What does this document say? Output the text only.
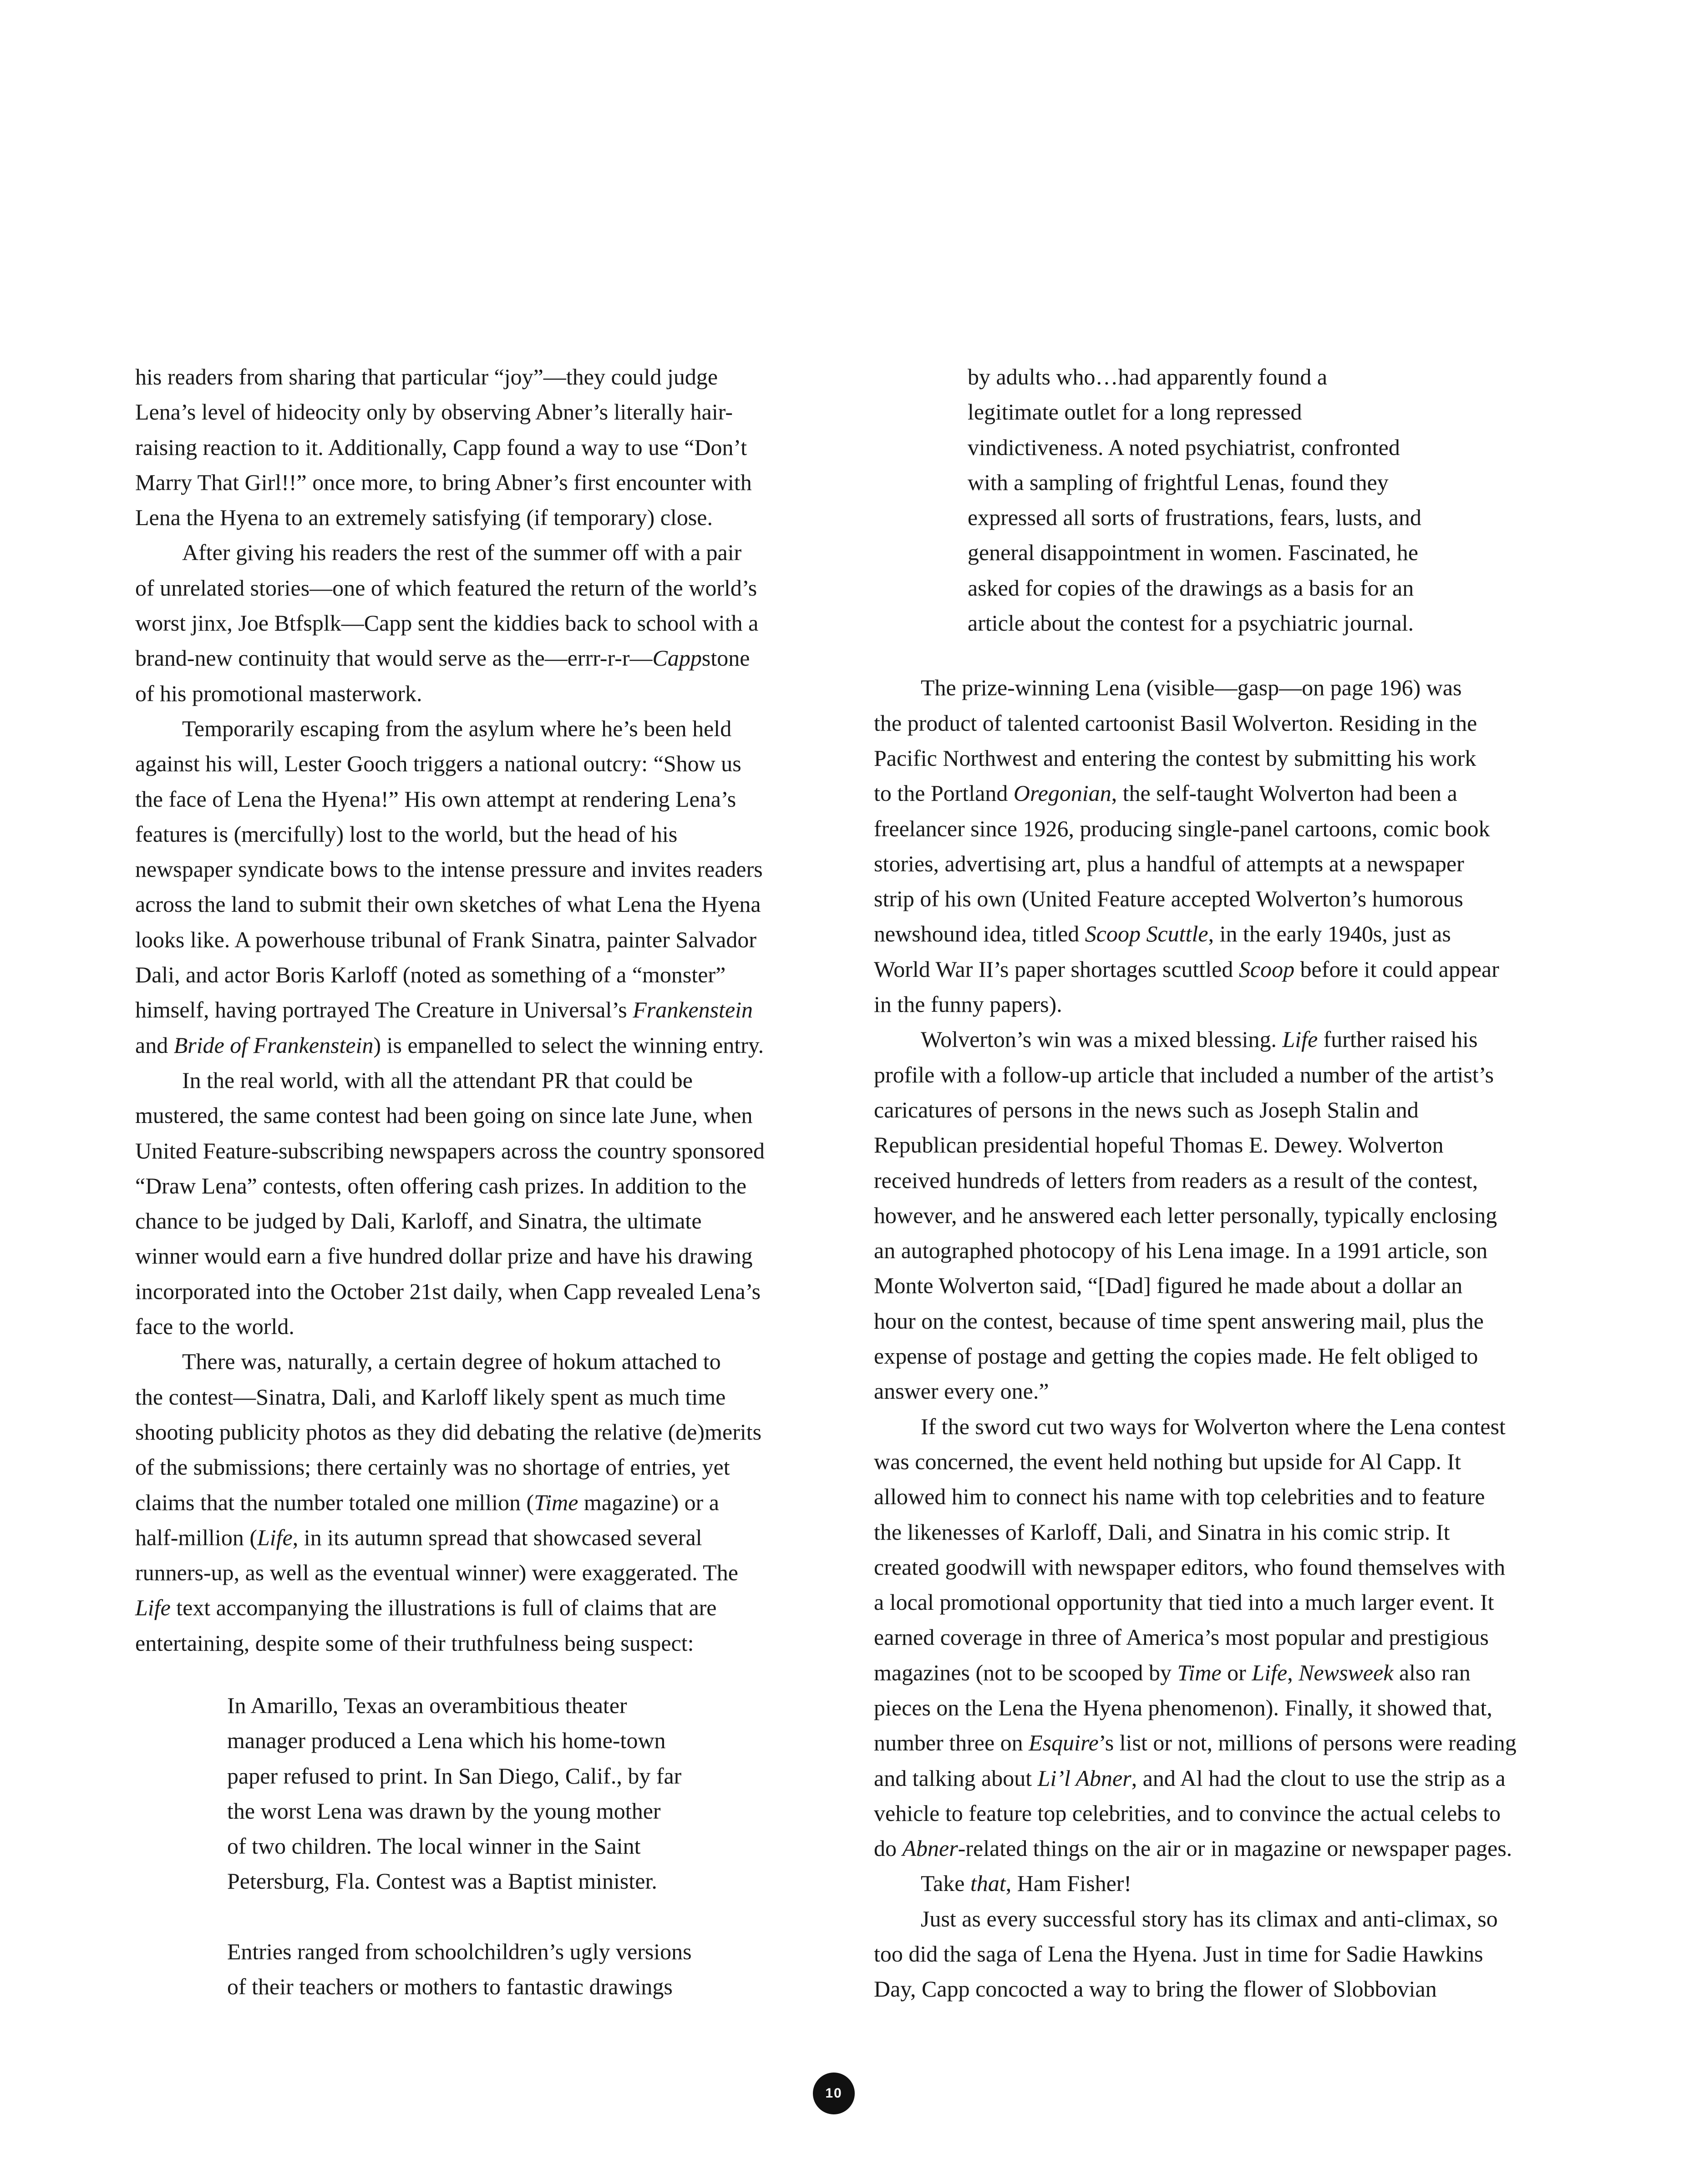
his readers from sharing that particular “joy”—they could judge

Lena’s level of hideocity only by observing Abner’s literally hair-

raising reaction to it. Additionally, Capp found a way to use “Don’t

Marry That Girl!!” once more, to bring Abner’s first encounter with

Lena the Hyena to an extremely satisfying (if temporary) close.

After giving his readers the rest of the summer off with a pair

of unrelated stories—one of which featured the return of the world’s

worst jinx, Joe Btfsplk—Capp sent the kiddies back to school with a

brand-new continuity that would serve as the—errr-r-r—Cappstone

of his promotional masterwork.

Temporarily escaping from the asylum where he’s been held

against his will, Lester Gooch triggers a national outcry: “Show us

the face of Lena the Hyena!” His own attempt at rendering Lena’s

features is (mercifully) lost to the world, but the head of his

newspaper syndicate bows to the intense pressure and invites readers

across the land to submit their own sketches of what Lena the Hyena

looks like. A powerhouse tribunal of Frank Sinatra, painter Salvador

Dali, and actor Boris Karloff (noted as something of a “monster”

himself, having portrayed The Creature in Universal’s Frankenstein

and Bride of Frankenstein) is empanelled to select the winning entry.

In the real world, with all the attendant PR that could be

mustered, the same contest had been going on since late June, when

United Feature-subscribing newspapers across the country sponsored

“Draw Lena” contests, often offering cash prizes. In addition to the

chance to be judged by Dali, Karloff, and Sinatra, the ultimate

winner would earn a five hundred dollar prize and have his drawing

incorporated into the October 21st daily, when Capp revealed Lena’s

face to the world.

There was, naturally, a certain degree of hokum attached to

the contest—Sinatra, Dali, and Karloff likely spent as much time

shooting publicity photos as they did debating the relative (de)merits

of the submissions; there certainly was no shortage of entries, yet

claims that the number totaled one million (Time magazine) or a

half-million (Life, in its autumn spread that showcased several

runners-up, as well as the eventual winner) were exaggerated. The

Life text accompanying the illustrations is full of claims that are

entertaining, despite some of their truthfulness being suspect:

In Amarillo, Texas an overambitious theater

manager produced a Lena which his home-town

paper refused to print. In San Diego, Calif., by far

the worst Lena was drawn by the young mother

of two children. The local winner in the Saint

Petersburg, Fla. Contest was a Baptist minister.

Entries ranged from schoolchildren’s ugly versions

of their teachers or mothers to fantastic drawings

by adults who…had apparently found a

legitimate outlet for a long repressed

vindictiveness. A noted psychiatrist, confronted

with a sampling of frightful Lenas, found they

expressed all sorts of frustrations, fears, lusts, and

general disappointment in women. Fascinated, he

asked for copies of the drawings as a basis for an

article about the contest for a psychiatric journal.

The prize-winning Lena (visible—gasp—on page 196) was

the product of talented cartoonist Basil Wolverton. Residing in the

Pacific Northwest and entering the contest by submitting his work

to the Portland Oregonian, the self-taught Wolverton had been a

freelancer since 1926, producing single-panel cartoons, comic book

stories, advertising art, plus a handful of attempts at a newspaper

strip of his own (United Feature accepted Wolverton’s humorous

newshound idea, titled Scoop Scuttle, in the early 1940s, just as

World War II’s paper shortages scuttled Scoop before it could appear

in the funny papers).

Wolverton’s win was a mixed blessing. Life further raised his

profile with a follow-up article that included a number of the artist’s

caricatures of persons in the news such as Joseph Stalin and

Republican presidential hopeful Thomas E. Dewey. Wolverton

received hundreds of letters from readers as a result of the contest,

however, and he answered each letter personally, typically enclosing

an autographed photocopy of his Lena image. In a 1991 article, son

Monte Wolverton said, “[Dad] figured he made about a dollar an

hour on the contest, because of time spent answering mail, plus the

expense of postage and getting the copies made. He felt obliged to

answer every one.”

If the sword cut two ways for Wolverton where the Lena contest

was concerned, the event held nothing but upside for Al Capp. It

allowed him to connect his name with top celebrities and to feature

the likenesses of Karloff, Dali, and Sinatra in his comic strip. It

created goodwill with newspaper editors, who found themselves with

a local promotional opportunity that tied into a much larger event. It

earned coverage in three of America’s most popular and prestigious

magazines (not to be scooped by Time or Life, Newsweek also ran

pieces on the Lena the Hyena phenomenon). Finally, it showed that,

number three on Esquire’s list or not, millions of persons were reading

and talking about Li’l Abner, and Al had the clout to use the strip as a

vehicle to feature top celebrities, and to convince the actual celebs to

do Abner-related things on the air or in magazine or newspaper pages.

Take that, Ham Fisher!

Just as every successful story has its climax and anti-climax, so

too did the saga of Lena the Hyena. Just in time for Sadie Hawkins

Day, Capp concocted a way to bring the flower of Slobbovian

10
